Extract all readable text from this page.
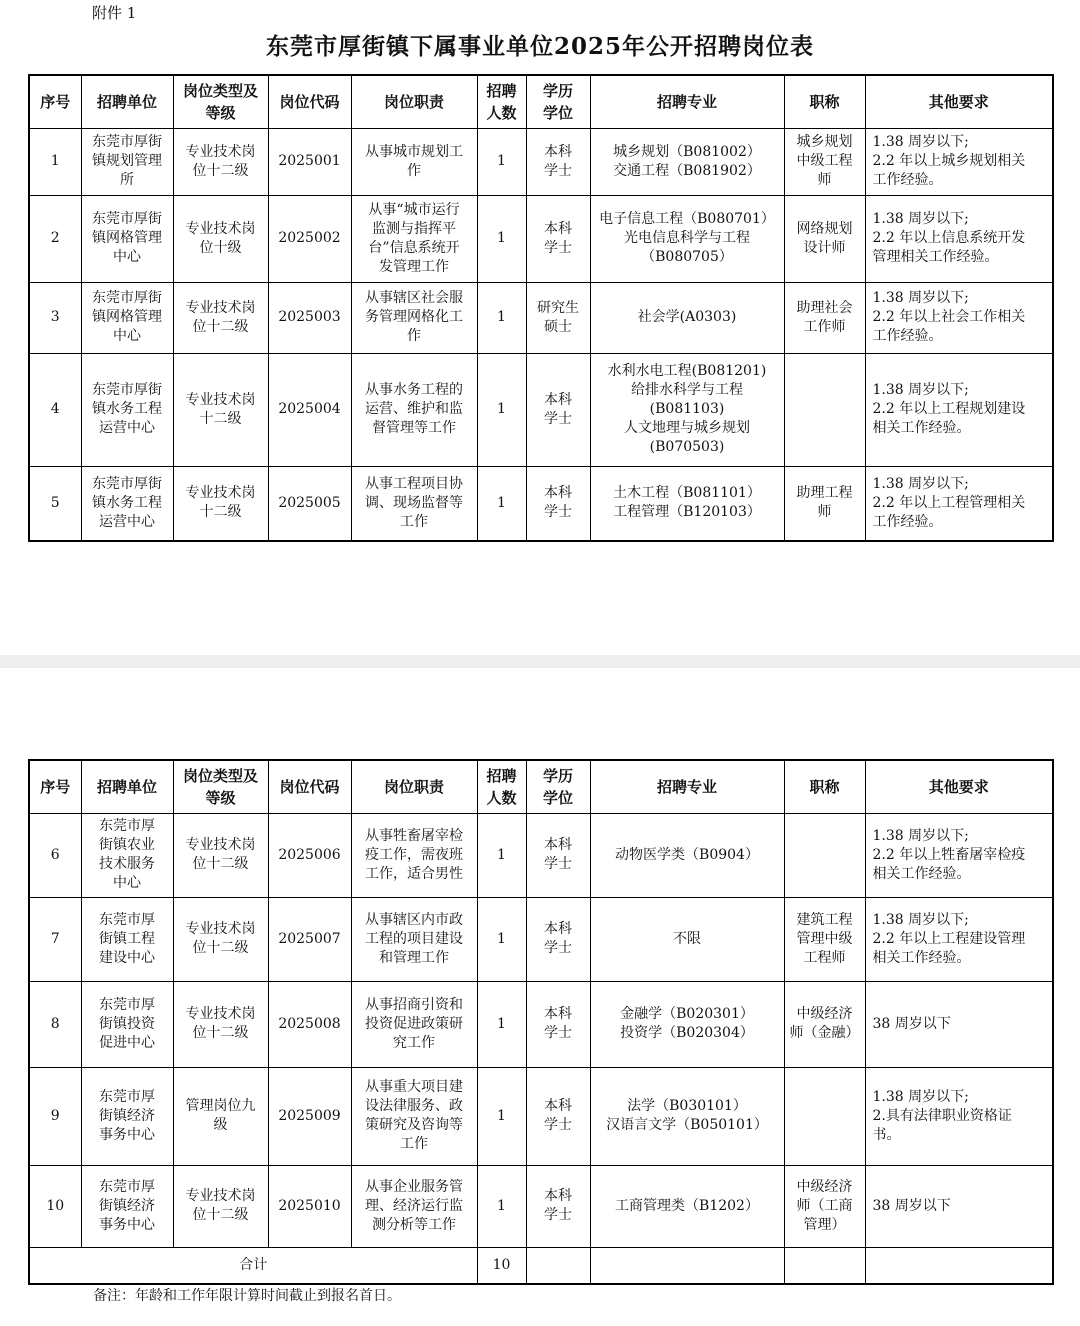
附件 1
东莞市厚街镇下属事业单位2025年公开招聘岗位表
序号	招聘单位	岗位类型及
等级	岗位代码	岗位职责	招聘
人数	学历
学位	招聘专业	职称	其他要求
1	东莞市厚街
镇规划管理
所	专业技术岗
位十二级	2025001	从事城市规划工
作	1	本科
学士	城乡规划（B081002）
交通工程（B081902）	城乡规划
中级工程
师	1.38 周岁以下;
2.2 年以上城乡规划相关
工作经验。
2	东莞市厚街
镇网格管理
中心	专业技术岗
位十级	2025002	从事“城市运行
监测与指挥平
台”信息系统开
发管理工作	1	本科
学士	电子信息工程（B080701）
光电信息科学与工程
（B080705）	网络规划
设计师	1.38 周岁以下;
2.2 年以上信息系统开发
管理相关工作经验。
3	东莞市厚街
镇网格管理
中心	专业技术岗
位十二级	2025003	从事辖区社会服
务管理网格化工
作	1	研究生
硕士	社会学(A0303)	助理社会
工作师	1.38 周岁以下;
2.2 年以上社会工作相关
工作经验。
4	东莞市厚街
镇水务工程
运营中心	专业技术岗
十二级	2025004	从事水务工程的
运营、维护和监
督管理等工作	1	本科
学士	水利水电工程(B081201)
给排水科学与工程
(B081103)
人文地理与城乡规划
(B070503)		1.38 周岁以下;
2.2 年以上工程规划建设
相关工作经验。
5	东莞市厚街
镇水务工程
运营中心	专业技术岗
十二级	2025005	从事工程项目协
调、现场监督等
工作	1	本科
学士	土木工程（B081101）
工程管理（B120103）	助理工程
师	1.38 周岁以下;
2.2 年以上工程管理相关
工作经验。
序号	招聘单位	岗位类型及
等级	岗位代码	岗位职责	招聘
人数	学历
学位	招聘专业	职称	其他要求
6	东莞市厚
街镇农业
技术服务
中心	专业技术岗
位十二级	2025006	从事牲畜屠宰检
疫工作，需夜班
工作，适合男性	1	本科
学士	动物医学类（B0904）		1.38 周岁以下;
2.2 年以上牲畜屠宰检疫
相关工作经验。
7	东莞市厚
街镇工程
建设中心	专业技术岗
位十二级	2025007	从事辖区内市政
工程的项目建设
和管理工作	1	本科
学士	不限	建筑工程
管理中级
工程师	1.38 周岁以下;
2.2 年以上工程建设管理
相关工作经验。
8	东莞市厚
街镇投资
促进中心	专业技术岗
位十二级	2025008	从事招商引资和
投资促进政策研
究工作	1	本科
学士	金融学（B020301）
投资学（B020304）	中级经济
师（金融）	38 周岁以下
9	东莞市厚
街镇经济
事务中心	管理岗位九
级	2025009	从事重大项目建
设法律服务、政
策研究及咨询等
工作	1	本科
学士	法学（B030101）
汉语言文学（B050101）		1.38 周岁以下;
2.具有法律职业资格证
书。
10	东莞市厚
街镇经济
事务中心	专业技术岗
位十二级	2025010	从事企业服务管
理、经济运行监
测分析等工作	1	本科
学士	工商管理类（B1202）	中级经济
师（工商
管理）	38 周岁以下
合计					10				
备注：年龄和工作年限计算时间截止到报名首日。
